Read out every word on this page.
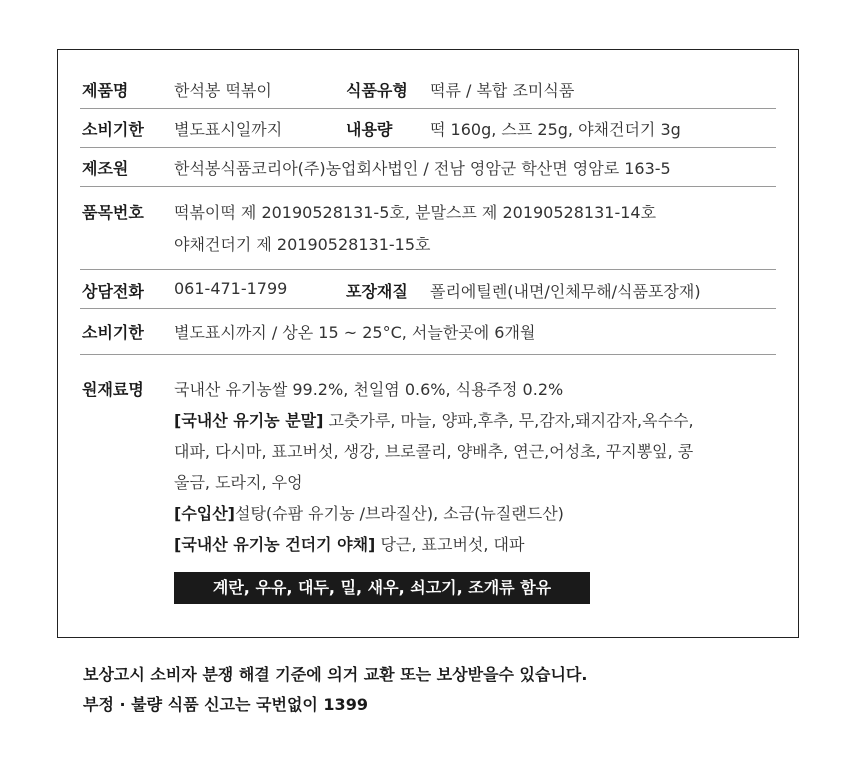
제품명	한석봉 떡볶이	식품유형 떡류 / 복합 조미식품
소비기한 별도표시일까지	내용량 떡 160g, 스프 25g, 야채건더기 3g
제조원	한석봉식품코리아(주)농업회사법인 / 전남 영암군 학산면 영암로 163-5
품목번호 떡볶이떡 제 20190528131-5호, 분말스프 제 20190528131-14호
야채건더기 제 20190528131-15호
상담전화 061-471-1799	포장재질 폴리에틸렌(내면/인체무해/식품포장재)
소비기한 별도표시까지 / 상온 15 ~ 25°C, 서늘한곳에 6개월
원재료명 국내산 유기농쌀 99.2%, 천일염 0.6%, 식용주정 0.2%
[국내산 유기농 분말] 고춧가루, 마늘, 양파,후추, 무,감자,돼지감자,옥수수,
대파, 다시마, 표고버섯, 생강, 브로콜리, 양배추, 연근,어성초, 꾸지뽕잎, 콩
울금, 도라지, 우엉
[수입산]설탕(슈팜 유기농 /브라질산), 소금(뉴질랜드산)
[국내산 유기농 건더기 야채] 당근, 표고버섯, 대파
계란, 우유, 대두, 밀, 새우, 쇠고기, 조개류 함유
보상고시 소비자 분쟁 해결 기준에 의거 교환 또는 보상받을수 있습니다.
부정 · 불량 식품 신고는 국번없이 1399
